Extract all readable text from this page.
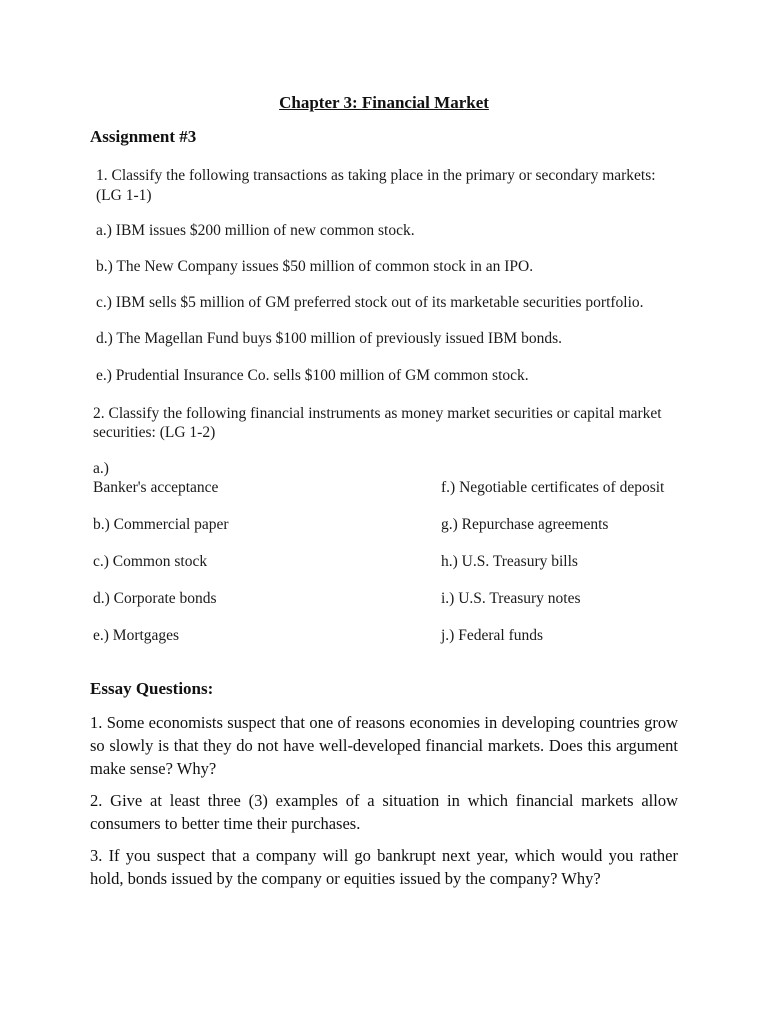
Chapter 3: Financial Market
Assignment #3

1. Classify the following transactions as taking place in the primary or secondary markets: (LG 1-1)

a.) IBM issues $200 million of new common stock.

b.) The New Company issues $50 million of common stock in an IPO.

c.) IBM sells $5 million of GM preferred stock out of its marketable securities portfolio.

d.) The Magellan Fund buys $100 million of previously issued IBM bonds.

e.) Prudential Insurance Co. sells $100 million of GM common stock.

2. Classify the following financial instruments as money market securities or capital market securities: (LG 1-2)

a.)

Banker's acceptance

b.) Commercial paper

c.) Common stock

d.) Corporate bonds

e.) Mortgages

f.) Negotiable certificates of deposit

g.) Repurchase agreements

h.) U.S. Treasury bills

i.) U.S. Treasury notes

j.) Federal funds

Essay Questions:

1. Some economists suspect that one of reasons economies in developing countries grow so slowly is that they do not have well-developed financial markets. Does this argument make sense? Why?

2. Give at least three (3) examples of a situation in which financial markets allow consumers to better time their purchases.

3. If you suspect that a company will go bankrupt next year, which would you rather hold, bonds issued by the company or equities issued by the company? Why?
